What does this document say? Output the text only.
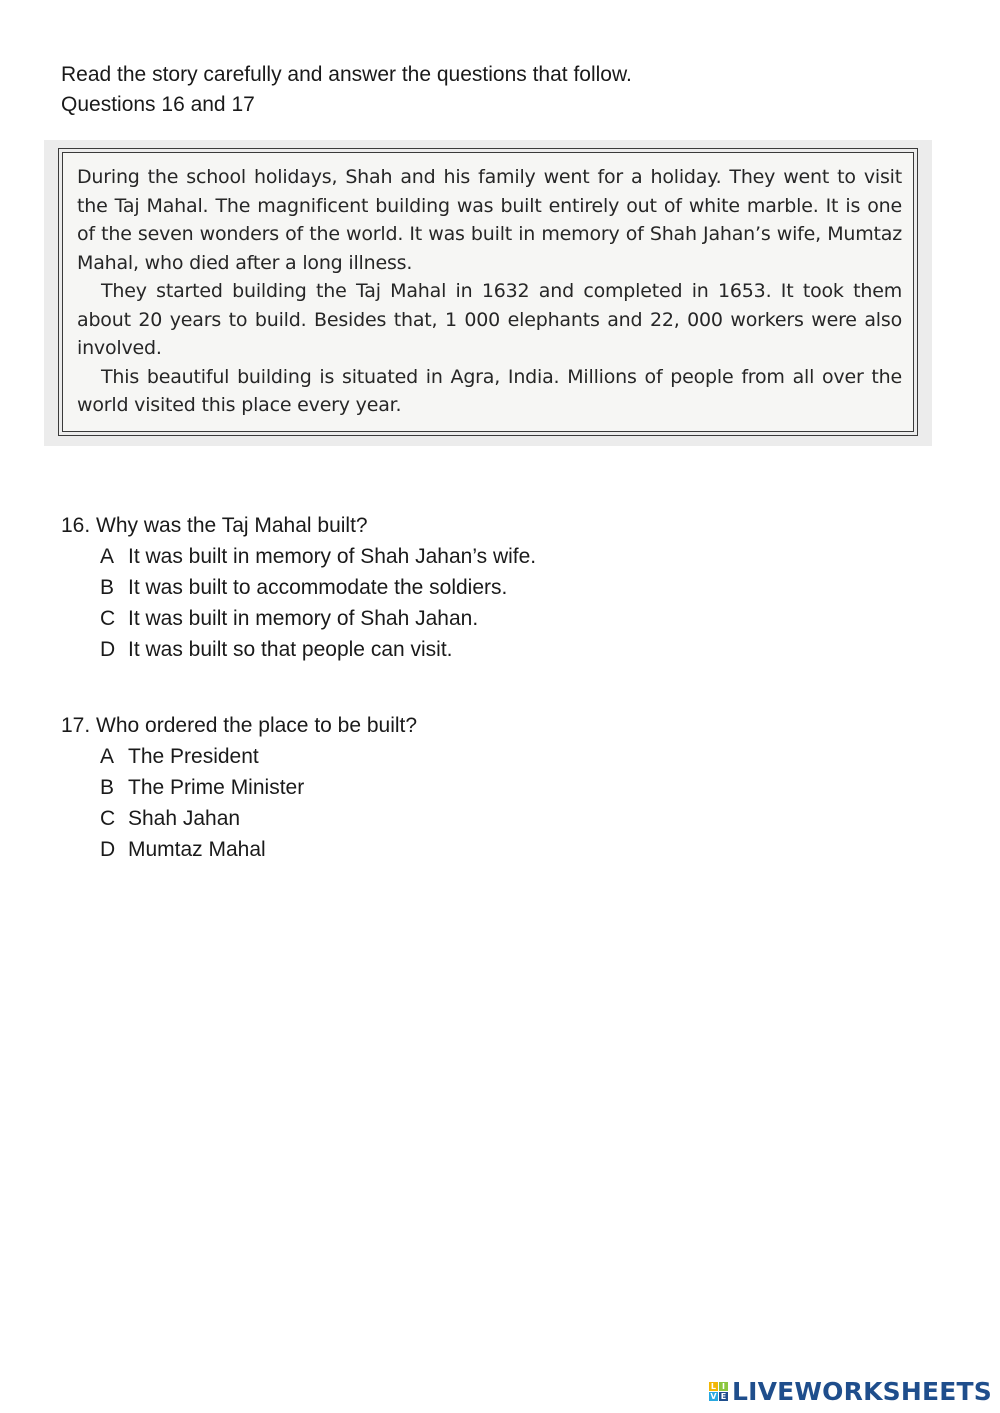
Read the story carefully and answer the questions that follow.
Questions 16 and 17

During the school holidays, Shah and his family went for a holiday. They went to visit the Taj Mahal. The magnificent building was built entirely out of white marble. It is one of the seven wonders of the world. It was built in memory of Shah Jahan’s wife, Mumtaz Mahal, who died after a long illness.

They started building the Taj Mahal in 1632 and completed in 1653. It took them about 20 years to build. Besides that, 1 000 elephants and 22, 000 workers were also involved.

This beautiful building is situated in Agra, India. Millions of people from all over the world visited this place every year.

16. Why was the Taj Mahal built?
A It was built in memory of Shah Jahan’s wife.
B It was built to accommodate the soldiers.
C It was built in memory of Shah Jahan.
D It was built so that people can visit.
17. Who ordered the place to be built?
A The President
B The Prime Minister
C Shah Jahan
D Mumtaz Mahal
L I
V E LIVEWORKSHEETS
